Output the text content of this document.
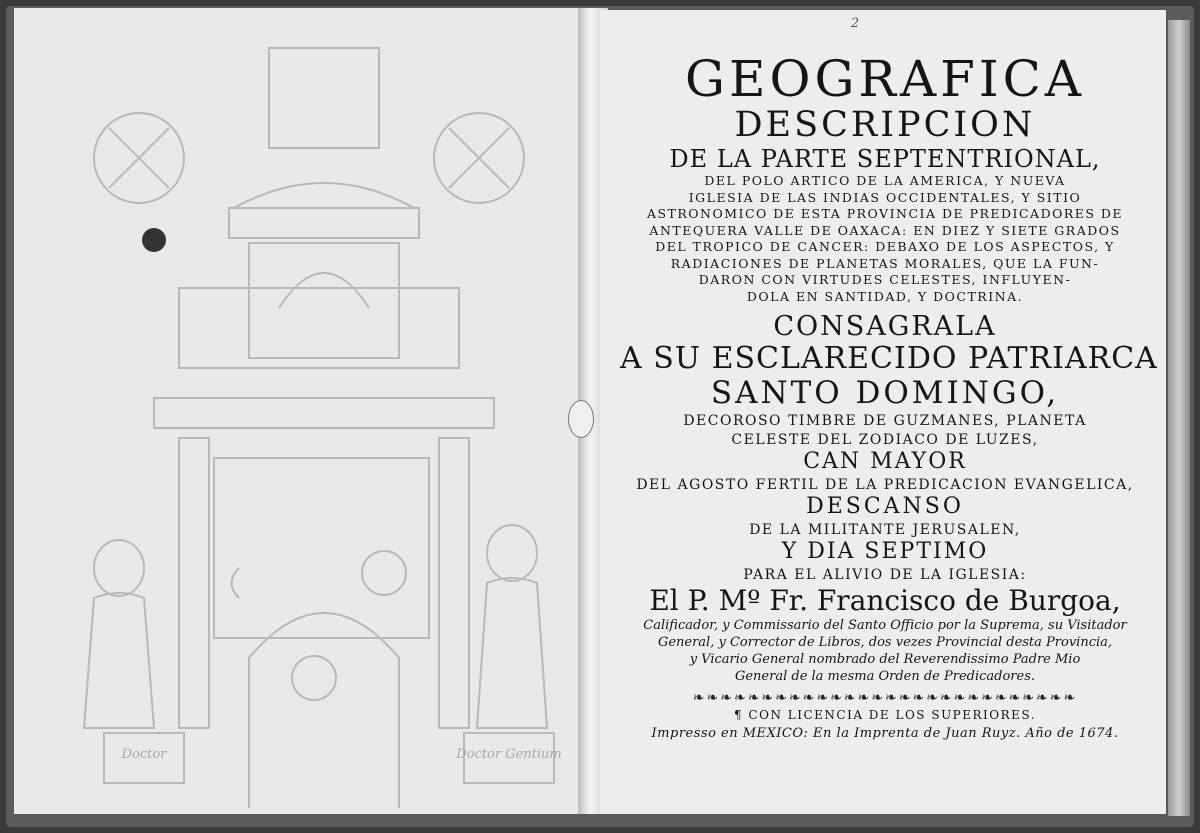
Doctor	Doctor Gentium
2
GEOGRAFICA
DESCRIPCION
DE LA PARTE SEPTENTRIONAL,
DEL POLO ARTICO DE LA AMERICA, Y NUEVA
IGLESIA DE LAS INDIAS OCCIDENTALES, Y SITIO
ASTRONOMICO DE ESTA PROVINCIA DE PREDICADORES DE
ANTEQUERA VALLE DE OAXACA: EN DIEZ Y SIETE GRADOS
DEL TROPICO DE CANCER: DEBAXO DE LOS ASPECTOS, Y
RADIACIONES DE PLANETAS MORALES, QUE LA FUN-
DARON CON VIRTUDES CELESTES, INFLUYEN-
DOLA EN SANTIDAD, Y DOCTRINA.
CONSAGRALA
A SU ESCLARECIDO PATRIARCA
SANTO DOMINGO,
DECOROSO TIMBRE DE GUZMANES, PLANETA
CELESTE DEL ZODIACO DE LUZES,
CAN MAYOR
DEL AGOSTO FERTIL DE LA PREDICACION EVANGELICA,
DESCANSO
DE LA MILITANTE JERUSALEN,
Y DIA SEPTIMO
PARA EL ALIVIO DE LA IGLESIA:
El P. Mº Fr. Francisco de Burgoa,
Calificador, y Commissario del Santo Officio por la Suprema, su Visitador
General, y Corrector de Libros, dos vezes Provincial desta Provincia,
y Vicario General nombrado del Reverendissimo Padre Mio
General de la mesma Orden de Predicadores.
❧❧❧❧❧❧❧❧❧❧❧❧❧❧❧❧❧❧❧❧❧❧❧❧❧❧❧❧
¶ CON LICENCIA DE LOS SUPERIORES.
Impresso en MEXICO: En la Imprenta de Juan Ruyz. Año de 1674.
